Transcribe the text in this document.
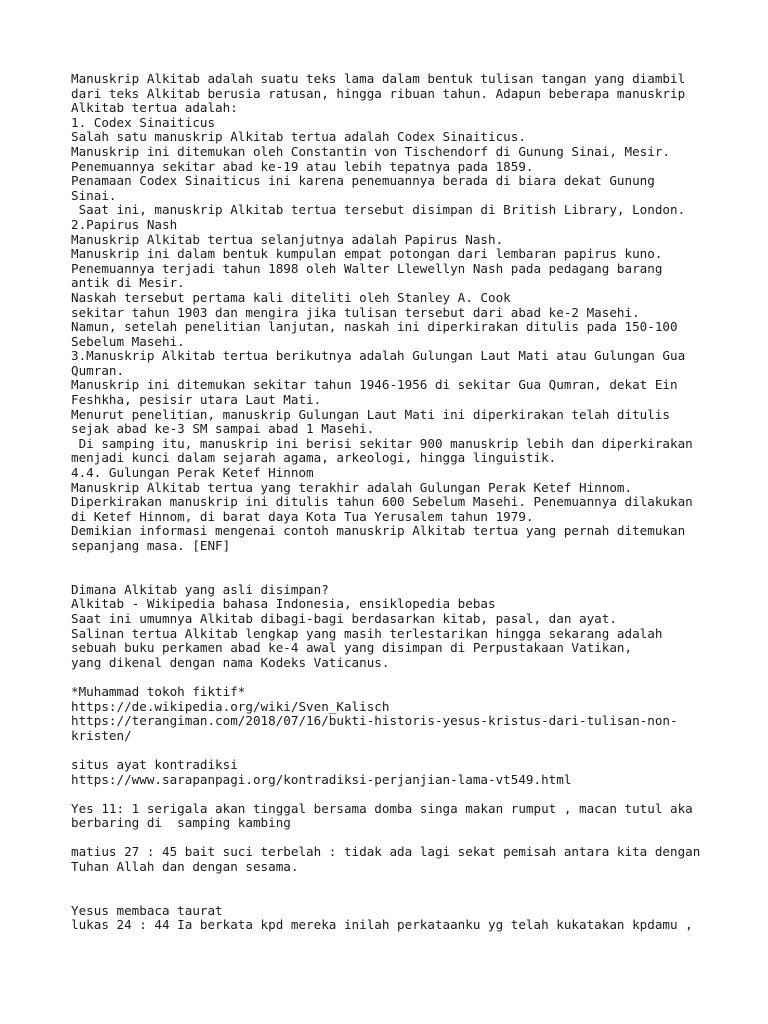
Manuskrip Alkitab adalah suatu teks lama dalam bentuk tulisan tangan yang diambil
dari teks Alkitab berusia ratusan, hingga ribuan tahun. Adapun beberapa manuskrip
Alkitab tertua adalah:
1. Codex Sinaiticus
Salah satu manuskrip Alkitab tertua adalah Codex Sinaiticus.
Manuskrip ini ditemukan oleh Constantin von Tischendorf di Gunung Sinai, Mesir.
Penemuannya sekitar abad ke-19 atau lebih tepatnya pada 1859.
Penamaan Codex Sinaiticus ini karena penemuannya berada di biara dekat Gunung
Sinai.
Saat ini, manuskrip Alkitab tertua tersebut disimpan di British Library, London.
2.Papirus Nash
Manuskrip Alkitab tertua selanjutnya adalah Papirus Nash.
Manuskrip ini dalam bentuk kumpulan empat potongan dari lembaran papirus kuno.
Penemuannya terjadi tahun 1898 oleh Walter Llewellyn Nash pada pedagang barang
antik di Mesir.
Naskah tersebut pertama kali diteliti oleh Stanley A. Cook
sekitar tahun 1903 dan mengira jika tulisan tersebut dari abad ke-2 Masehi.
Namun, setelah penelitian lanjutan, naskah ini diperkirakan ditulis pada 150-100
Sebelum Masehi.
3.Manuskrip Alkitab tertua berikutnya adalah Gulungan Laut Mati atau Gulungan Gua
Qumran.
Manuskrip ini ditemukan sekitar tahun 1946-1956 di sekitar Gua Qumran, dekat Ein
Feshkha, pesisir utara Laut Mati.
Menurut penelitian, manuskrip Gulungan Laut Mati ini diperkirakan telah ditulis
sejak abad ke-3 SM sampai abad 1 Masehi.
Di samping itu, manuskrip ini berisi sekitar 900 manuskrip lebih dan diperkirakan
menjadi kunci dalam sejarah agama, arkeologi, hingga linguistik.
4.4. Gulungan Perak Ketef Hinnom
Manuskrip Alkitab tertua yang terakhir adalah Gulungan Perak Ketef Hinnom.
Diperkirakan manuskrip ini ditulis tahun 600 Sebelum Masehi. Penemuannya dilakukan
di Ketef Hinnom, di barat daya Kota Tua Yerusalem tahun 1979.
Demikian informasi mengenai contoh manuskrip Alkitab tertua yang pernah ditemukan
sepanjang masa. [ENF]
Dimana Alkitab yang asli disimpan?
Alkitab - Wikipedia bahasa Indonesia, ensiklopedia bebas
Saat ini umumnya Alkitab dibagi-bagi berdasarkan kitab, pasal, dan ayat.
Salinan tertua Alkitab lengkap yang masih terlestarikan hingga sekarang adalah
sebuah buku perkamen abad ke-4 awal yang disimpan di Perpustakaan Vatikan,
yang dikenal dengan nama Kodeks Vaticanus.
*Muhammad tokoh fiktif*
https://de.wikipedia.org/wiki/Sven_Kalisch
https://terangiman.com/2018/07/16/bukti-historis-yesus-kristus-dari-tulisan-non-
kristen/
situs ayat kontradiksi
https://www.sarapanpagi.org/kontradiksi-perjanjian-lama-vt549.html
Yes 11: 1 serigala akan tinggal bersama domba singa makan rumput , macan tutul aka
berbaring di  samping kambing
matius 27 : 45 bait suci terbelah : tidak ada lagi sekat pemisah antara kita dengan
Tuhan Allah dan dengan sesama.
Yesus membaca taurat
lukas 24 : 44 Ia berkata kpd mereka inilah perkataanku yg telah kukatakan kpdamu ,
